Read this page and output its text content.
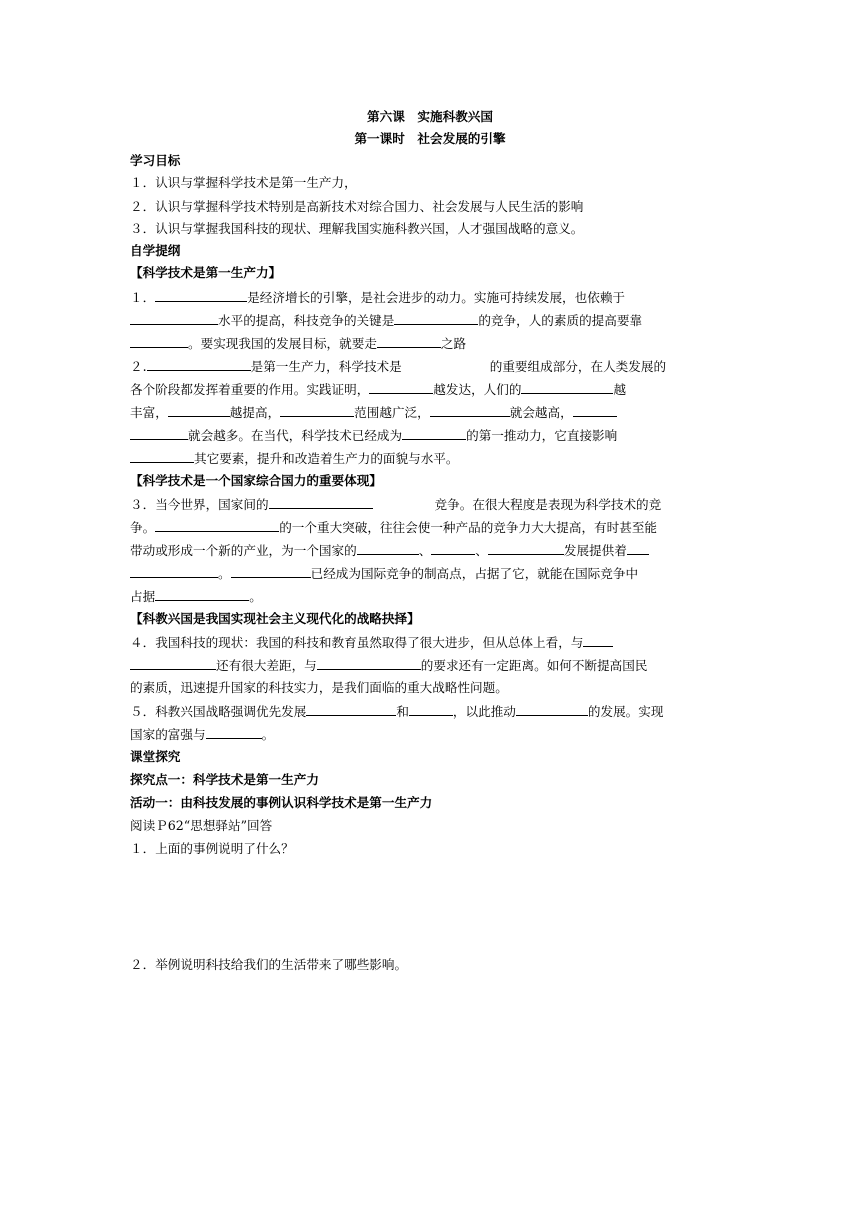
第六课　实施科教兴国
第一课时　社会发展的引擎
学习目标
１．认识与掌握科学技术是第一生产力，
２．认识与掌握科学技术特别是高新技术对综合国力、社会发展与人民生活的影响
３．认识与掌握我国科技的现状、理解我国实施科教兴国，人才强国战略的意义。
自学提纲
【科学技术是第一生产力】
１．	是经济增长的引擎，是社会进步的动力。实施可持续发展，也依赖于
水平的提高，科技竞争的关键是	的竞争，人的素质的提高要靠
。要实现我国的发展目标，就要走	之路
２.	是第一生产力，科学技术是	的重要组成部分，在人类发展的
各个阶段都发挥着重要的作用。实践证明，	越发达，人们的	越
丰富，	越提高，	范围越广泛，	就会越高，
就会越多。在当代，科学技术已经成为	的第一推动力，它直接影响
其它要素，提升和改造着生产力的面貌与水平。
【科学技术是一个国家综合国力的重要体现】
３．当今世界，国家间的	竞争。在很大程度是表现为科学技术的竞
争。	的一个重大突破，往往会使一种产品的竞争力大大提高，有时甚至能
带动或形成一个新的产业，为一个国家的	、	、	发展提供着
。	已经成为国际竞争的制高点，占据了它，就能在国际竞争中
占据	。
【科教兴国是我国实现社会主义现代化的战略抉择】
４．我国科技的现状：我国的科技和教育虽然取得了很大进步，但从总体上看，与
还有很大差距，与	的要求还有一定距离。如何不断提高国民
的素质，迅速提升国家的科技实力，是我们面临的重大战略性问题。
５．科教兴国战略强调优先发展	和	，以此推动	的发展。实现
国家的富强与	。
课堂探究
探究点一：科学技术是第一生产力
活动一：由科技发展的事例认识科学技术是第一生产力
阅读Ｐ62“思想驿站”回答
１．上面的事例说明了什么？
２．举例说明科技给我们的生活带来了哪些影响。
